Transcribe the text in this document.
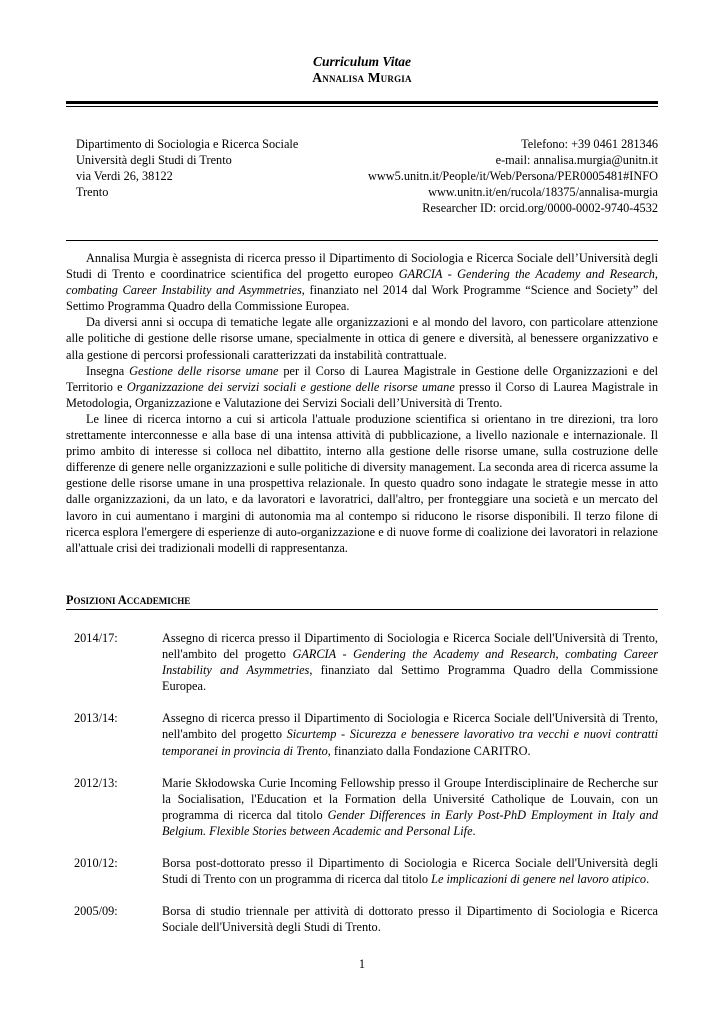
Curriculum Vitae
Annalisa Murgia
Dipartimento di Sociologia e Ricerca Sociale
Università degli Studi di Trento
via Verdi 26, 38122
Trento
Telefono: +39 0461 281346
e-mail: annalisa.murgia@unitn.it
www5.unitn.it/People/it/Web/Persona/PER0005481#INFO
www.unitn.it/en/rucola/18375/annalisa-murgia
Researcher ID: orcid.org/0000-0002-9740-4532

Annalisa Murgia è assegnista di ricerca presso il Dipartimento di Sociologia e Ricerca Sociale dell’Università degli Studi di Trento e coordinatrice scientifica del progetto europeo GARCIA - Gendering the Academy and Research, combating Career Instability and Asymmetries, finanziato nel 2014 dal Work Programme “Science and Society” del Settimo Programma Quadro della Commissione Europea.

Da diversi anni si occupa di tematiche legate alle organizzazioni e al mondo del lavoro, con particolare attenzione alle politiche di gestione delle risorse umane, specialmente in ottica di genere e diversità, al benessere organizzativo e alla gestione di percorsi professionali caratterizzati da instabilità contrattuale.

Insegna Gestione delle risorse umane per il Corso di Laurea Magistrale in Gestione delle Organizzazioni e del Territorio e Organizzazione dei servizi sociali e gestione delle risorse umane presso il Corso di Laurea Magistrale in Metodologia, Organizzazione e Valutazione dei Servizi Sociali dell’Università di Trento.

Le linee di ricerca intorno a cui si articola l'attuale produzione scientifica si orientano in tre direzioni, tra loro strettamente interconnesse e alla base di una intensa attività di pubblicazione, a livello nazionale e internazionale. Il primo ambito di interesse si colloca nel dibattito, interno alla gestione delle risorse umane, sulla costruzione delle differenze di genere nelle organizzazioni e sulle politiche di diversity management. La seconda area di ricerca assume la gestione delle risorse umane in una prospettiva relazionale. In questo quadro sono indagate le strategie messe in atto dalle organizzazioni, da un lato, e da lavoratori e lavoratrici, dall'altro, per fronteggiare una società e un mercato del lavoro in cui aumentano i margini di autonomia ma al contempo si riducono le risorse disponibili. Il terzo filone di ricerca esplora l'emergere di esperienze di auto-organizzazione e di nuove forme di coalizione dei lavoratori in relazione all'attuale crisi dei tradizionali modelli di rappresentanza.

Posizioni Accademiche
2014/17:	Assegno di ricerca presso il Dipartimento di Sociologia e Ricerca Sociale dell'Università di Trento, nell'ambito del progetto GARCIA - Gendering the Academy and Research, combating Career Instability and Asymmetries, finanziato dal Settimo Programma Quadro della Commissione Europea.
2013/14:	Assegno di ricerca presso il Dipartimento di Sociologia e Ricerca Sociale dell'Università di Trento, nell'ambito del progetto Sicurtemp - Sicurezza e benessere lavorativo tra vecchi e nuovi contratti temporanei in provincia di Trento, finanziato dalla Fondazione CARITRO.
2012/13:	Marie Skłodowska Curie Incoming Fellowship presso il Groupe Interdisciplinaire de Recherche sur la Socialisation, l'Education et la Formation della Université Catholique de Louvain, con un programma di ricerca dal titolo Gender Differences in Early Post-PhD Employment in Italy and Belgium. Flexible Stories between Academic and Personal Life.
2010/12:	Borsa post-dottorato presso il Dipartimento di Sociologia e Ricerca Sociale dell'Università degli Studi di Trento con un programma di ricerca dal titolo Le implicazioni di genere nel lavoro atipico.
2005/09:	Borsa di studio triennale per attività di dottorato presso il Dipartimento di Sociologia e Ricerca Sociale dell'Università degli Studi di Trento.
1
